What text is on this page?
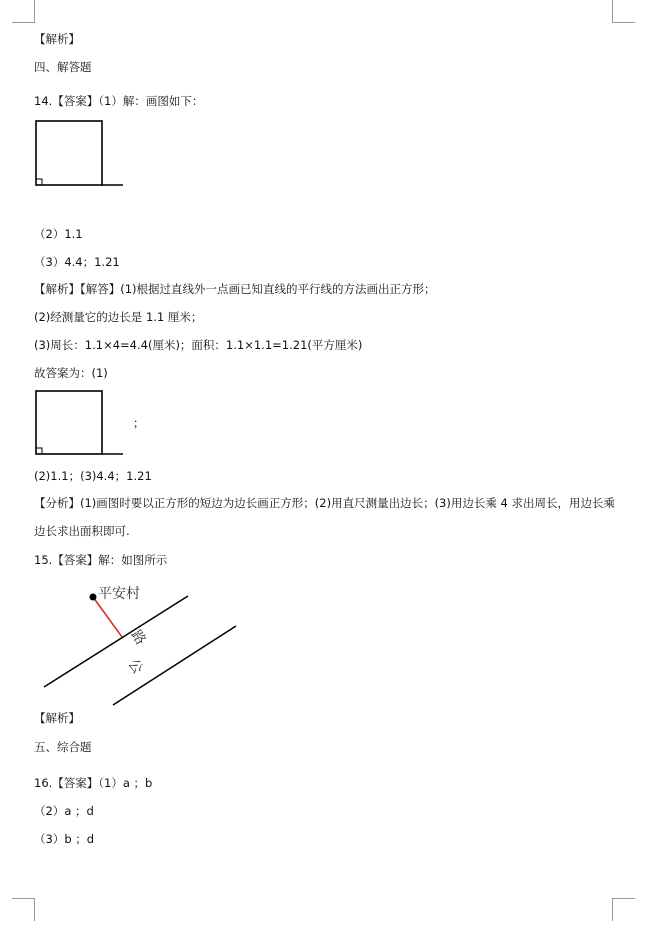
【解析】
四、解答题
14.【答案】（1）解：画图如下：
（2）1.1
（3）4.4；1.21
【解析】【解答】(1)根据过直线外一点画已知直线的平行线的方法画出正方形；
(2)经测量它的边长是 1.1 厘米；
(3)周长：1.1×4=4.4(厘米)；面积：1.1×1.1=1.21(平方厘米)
故答案为：(1)
；
(2)1.1；(3)4.4；1.21
【分析】(1)画图时要以正方形的短边为边长画正方形；(2)用直尺测量出边长；(3)用边长乘 4 求出周长，用边长乘边长求出面积即可.
15.【答案】解：如图所示
平安村
路
公
【解析】
五、综合题
16.【答案】（1）a ；b
（2）a ；d
（3）b ；d
